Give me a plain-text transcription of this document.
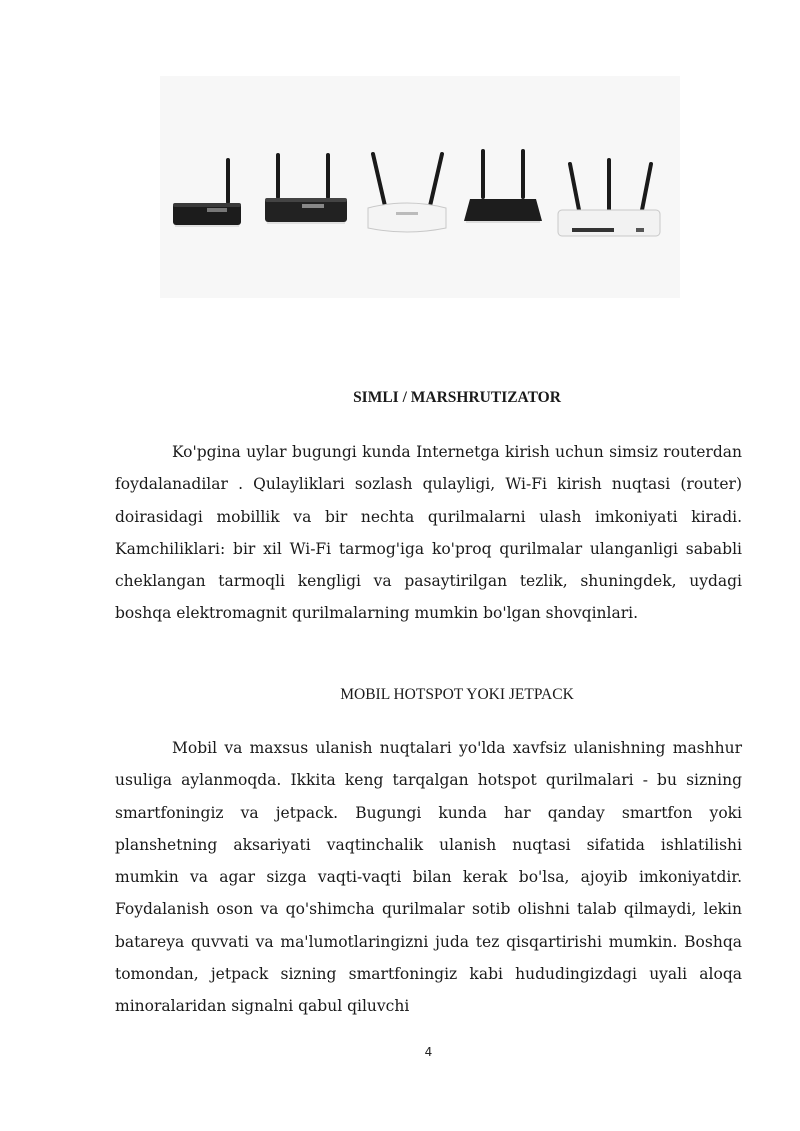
SIMLI / MARSHRUTIZATOR

Ko'pgina uylar bugungi kunda Internetga kirish uchun simsiz routerdan foydalanadilar . Qulayliklari sozlash qulayligi, Wi-Fi kirish nuqtasi (router) doirasidagi mobillik va bir nechta qurilmalarni ulash imkoniyati kiradi. Kamchiliklari: bir xil Wi-Fi tarmog'iga ko'proq qurilmalar ulanganligi sababli cheklangan tarmoqli kengligi va pasaytirilgan tezlik, shuningdek, uydagi boshqa elektromagnit qurilmalarning mumkin bo'lgan shovqinlari.

MOBIL HOTSPOT YOKI JETPACK

Mobil va maxsus ulanish nuqtalari yo'lda xavfsiz ulanishning mashhur usuliga aylanmoqda. Ikkita keng tarqalgan hotspot qurilmalari - bu sizning smartfoningiz va jetpack. Bugungi kunda har qanday smartfon yoki planshetning aksariyati vaqtinchalik ulanish nuqtasi sifatida ishlatilishi mumkin va agar sizga vaqti-vaqti bilan kerak bo'lsa, ajoyib imkoniyatdir. Foydalanish oson va qo'shimcha qurilmalar sotib olishni talab qilmaydi, lekin batareya quvvati va ma'lumotlaringizni juda tez qisqartirishi mumkin. Boshqa tomondan, jetpack sizning smartfoningiz kabi hududingizdagi uyali aloqa minoralaridan signalni qabul qiluvchi

4
